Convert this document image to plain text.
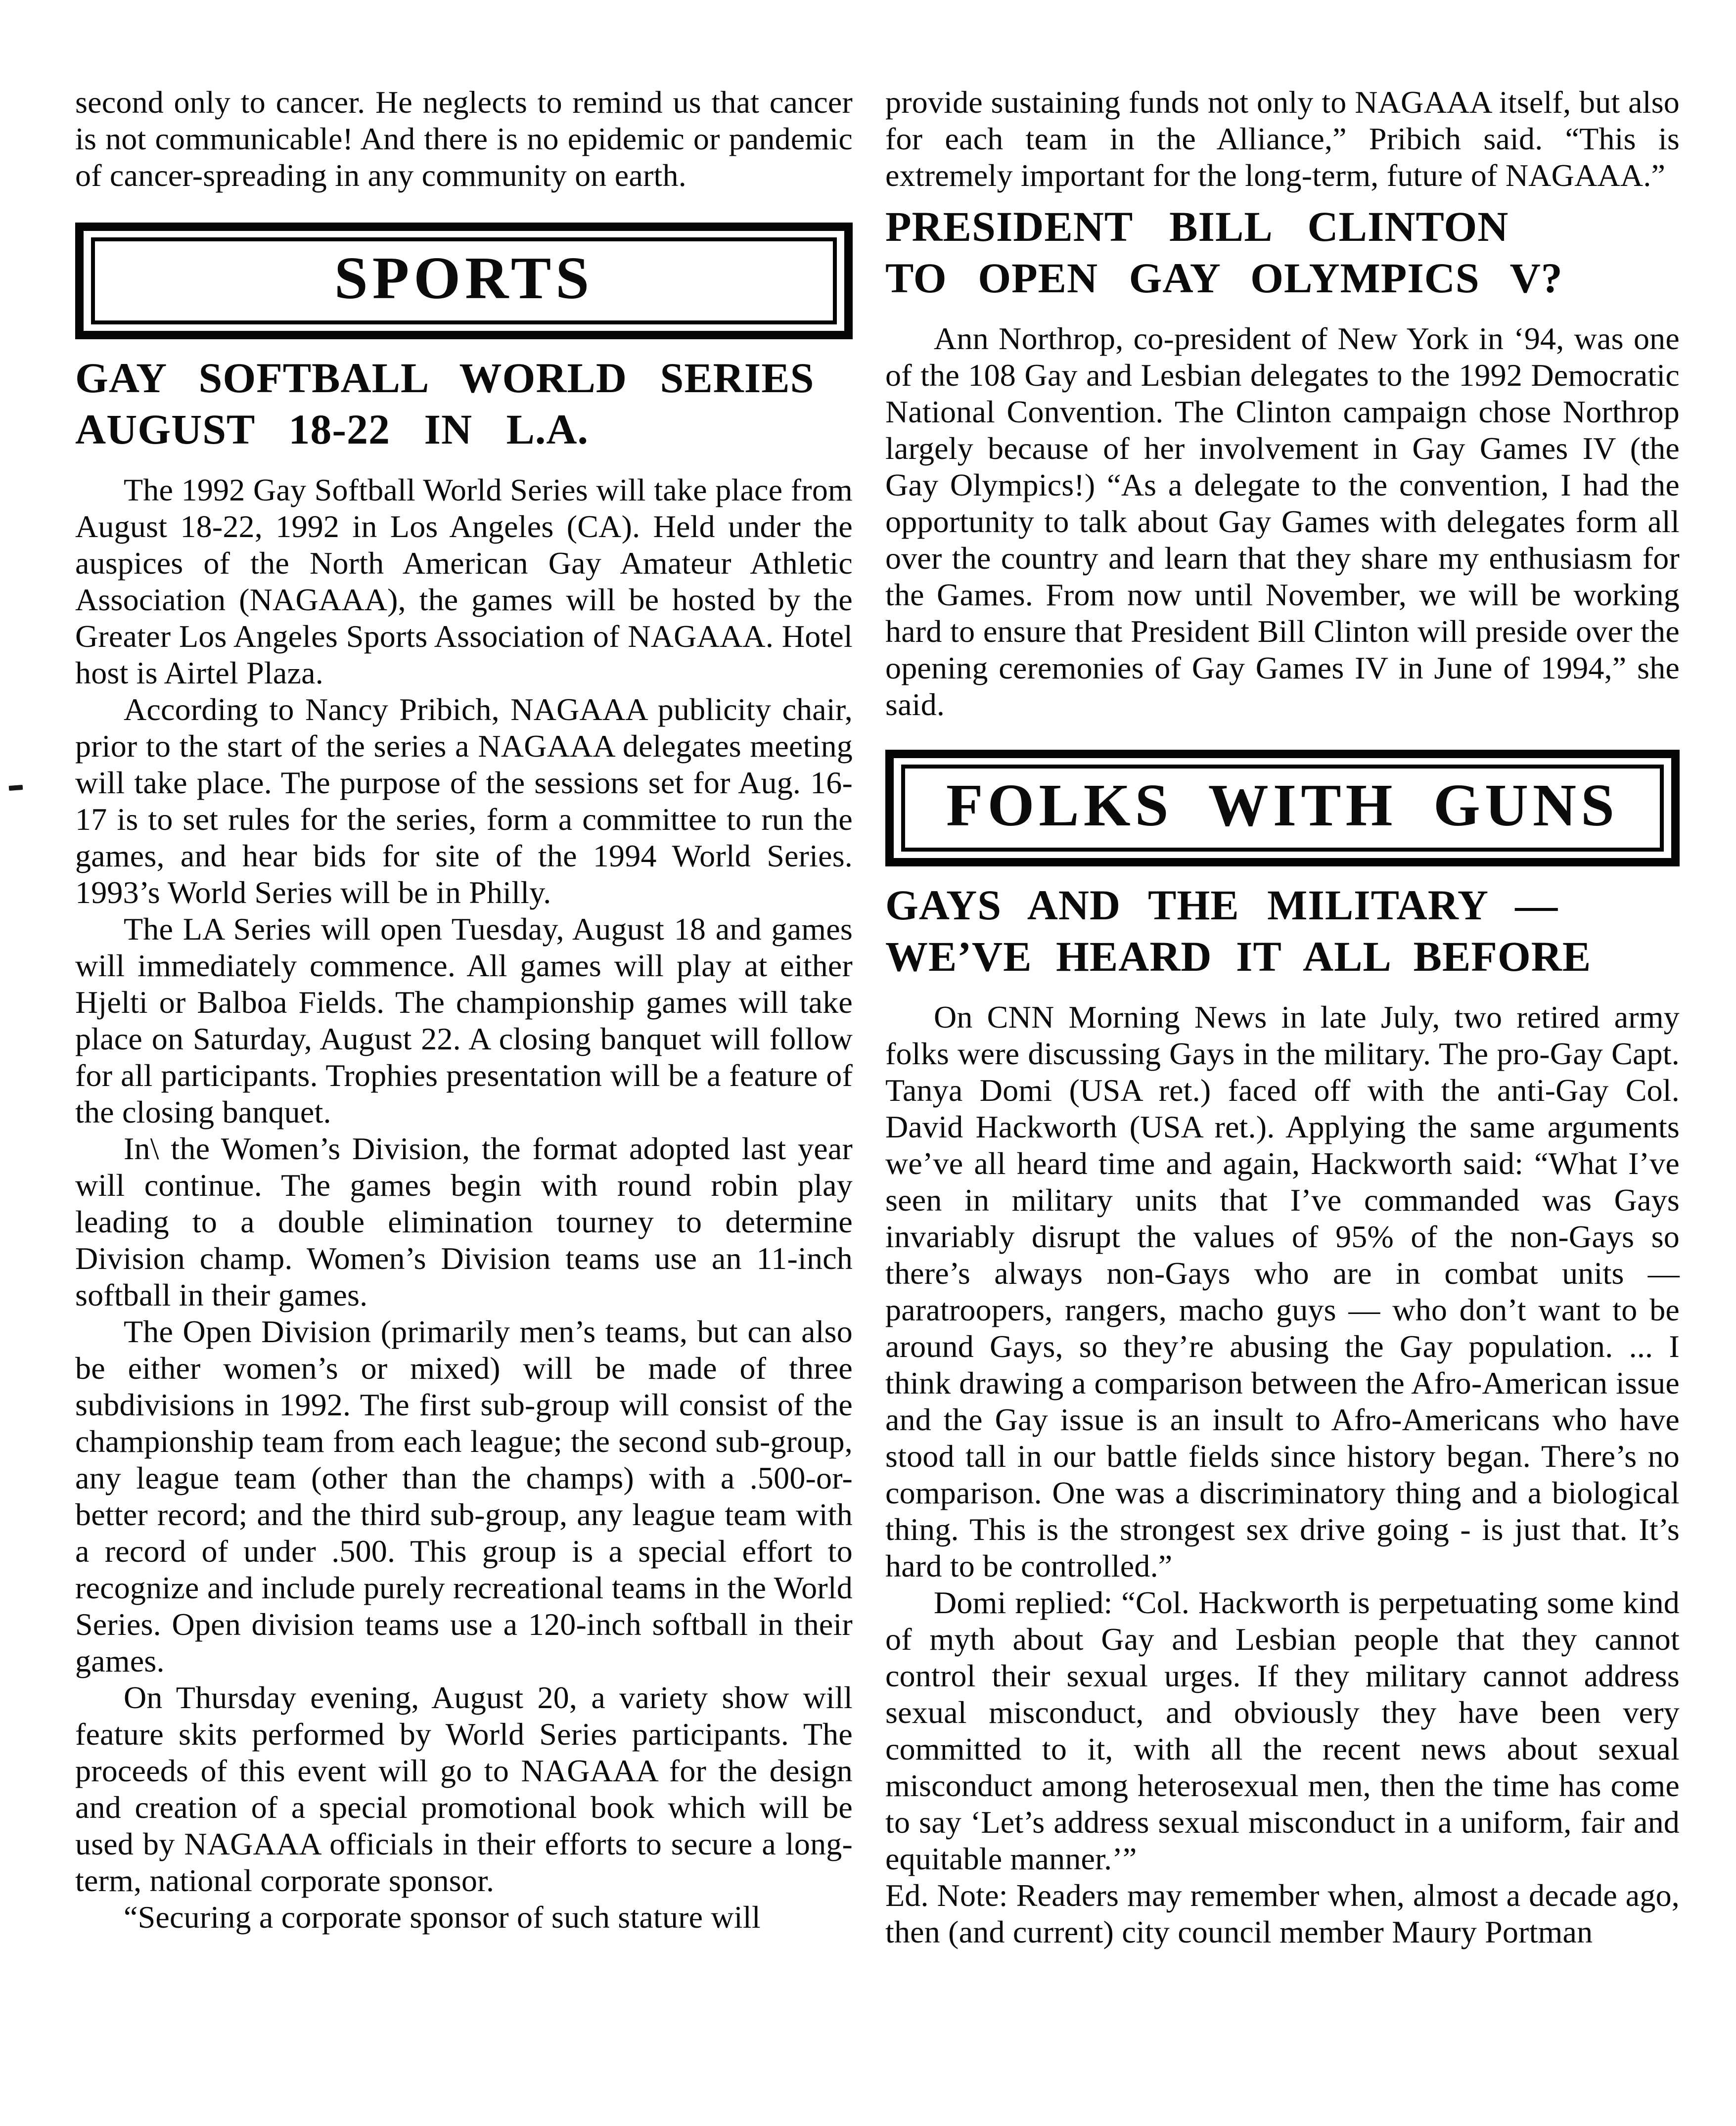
second only to cancer. He neglects to remind us that cancer is not communicable! And there is no epidemic or pandemic of cancer-spreading in any community on earth.

SPORTS
GAY SOFTBALL WORLD SERIES
AUGUST 18-22 IN L.A.

The 1992 Gay Softball World Series will take place from August 18-22, 1992 in Los Angeles (CA). Held under the auspices of the North American Gay Amateur Athletic Association (NAGAAA), the games will be hosted by the Greater Los Angeles Sports Association of NAGAAA. Hotel host is Airtel Plaza.

According to Nancy Pribich, NAGAAA publicity chair, prior to the start of the series a NAGAAA delegates meeting will take place. The purpose of the sessions set for Aug. 16-17 is to set rules for the series, form a committee to run the games, and hear bids for site of the 1994 World Series. 1993’s World Series will be in Philly.

The LA Series will open Tuesday, August 18 and games will immediately commence. All games will play at either Hjelti or Balboa Fields. The championship games will take place on Saturday, August 22. A closing banquet will follow for all participants. Trophies presentation will be a feature of the closing banquet.

In\ the Women’s Division, the format adopted last year will continue. The games begin with round robin play leading to a double elimination tourney to determine Division champ. Women’s Division teams use an 11-inch softball in their games.

The Open Division (primarily men’s teams, but can also be either women’s or mixed) will be made of three subdivisions in 1992. The first sub-group will consist of the championship team from each league; the second sub-group, any league team (other than the champs) with a .500-or-better record; and the third sub-group, any league team with a record of under .500. This group is a special effort to recognize and include purely recreational teams in the World Series. Open division teams use a 120-inch softball in their games.

On Thursday evening, August 20, a variety show will feature skits performed by World Series participants. The proceeds of this event will go to NAGAAA for the design and creation of a special promotional book which will be used by NAGAAA officials in their efforts to secure a long-term, national corporate sponsor.

“Securing a corporate sponsor of such stature will

provide sustaining funds not only to NAGAAA itself, but also for each team in the Alliance,” Pribich said. “This is extremely important for the long-term, future of NAGAAA.”

PRESIDENT BILL CLINTON
TO OPEN GAY OLYMPICS V?

Ann Northrop, co-president of New York in ‘94, was one of the 108 Gay and Lesbian delegates to the 1992 Democratic National Convention. The Clinton campaign chose Northrop largely because of her involvement in Gay Games IV (the Gay Olympics!) “As a delegate to the convention, I had the opportunity to talk about Gay Games with delegates form all over the country and learn that they share my enthusiasm for the Games. From now until November, we will be working hard to ensure that President Bill Clinton will preside over the opening ceremonies of Gay Games IV in June of 1994,” she said.

FOLKS WITH GUNS
GAYS AND THE MILITARY —
WE’VE HEARD IT ALL BEFORE

On CNN Morning News in late July, two retired army folks were discussing Gays in the military. The pro-Gay Capt. Tanya Domi (USA ret.) faced off with the anti-Gay Col. David Hackworth (USA ret.). Applying the same arguments we’ve all heard time and again, Hackworth said: “What I’ve seen in military units that I’ve commanded was Gays invariably disrupt the values of 95% of the non-Gays so there’s always non-Gays who are in combat units — paratroopers, rangers, macho guys — who don’t want to be around Gays, so they’re abusing the Gay population. ... I think drawing a comparison between the Afro-American issue and the Gay issue is an insult to Afro-Americans who have stood tall in our battle fields since history began. There’s no comparison. One was a discriminatory thing and a biological thing. This is the strongest sex drive going - is just that. It’s hard to be controlled.”

Domi replied: “Col. Hackworth is perpetuating some kind of myth about Gay and Lesbian people that they cannot control their sexual urges. If they military cannot address sexual misconduct, and obviously they have been very committed to it, with all the recent news about sexual misconduct among heterosexual men, then the time has come to say ‘Let’s address sexual misconduct in a uniform, fair and equitable manner.’”

Ed. Note: Readers may remember when, almost a decade ago, then (and current) city council member Maury Portman
